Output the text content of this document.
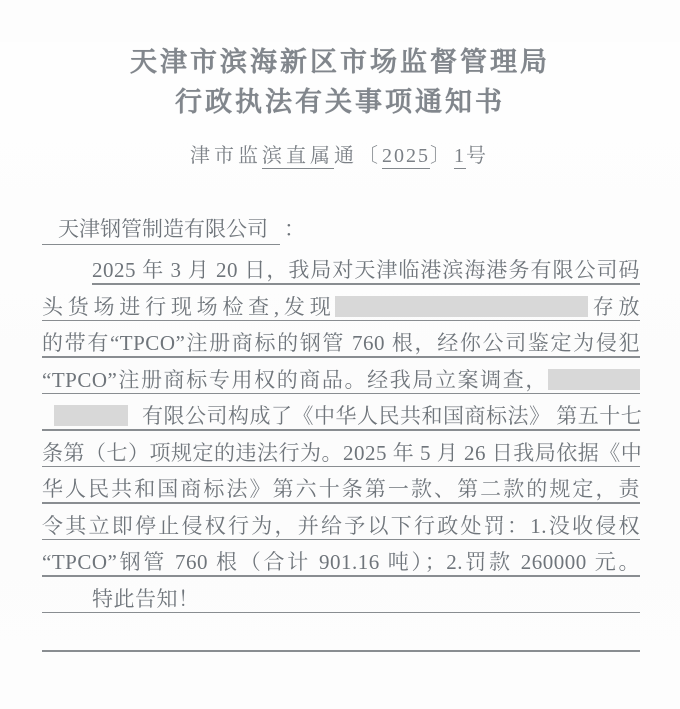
天津市滨海新区市场监督管理局
行政执法有关事项通知书
津市监滨直属通〔2025〕1号
天津钢管制造有限公司 ：
2025 年 3 月 20 日，我局对天津临港滨海港务有限公司码
头货场进行现场检查,发现	存放
的带有“TPCO”注册商标的钢管 760 根，经你公司鉴定为侵犯
“TPCO”注册商标专用权的商品。经我局立案调查，
有限公司构成了《中华人民共和国商标法》 第五十七
条第（七）项规定的违法行为。2025 年 5 月 26 日我局依据《中
华人民共和国商标法》第六十条第一款、第二款的规定，责
令其立即停止侵权行为，并给予以下行政处罚：1.没收侵权
“TPCO”钢管 760 根（合计 901.16 吨）；2.罚款 260000 元。
特此告知！
